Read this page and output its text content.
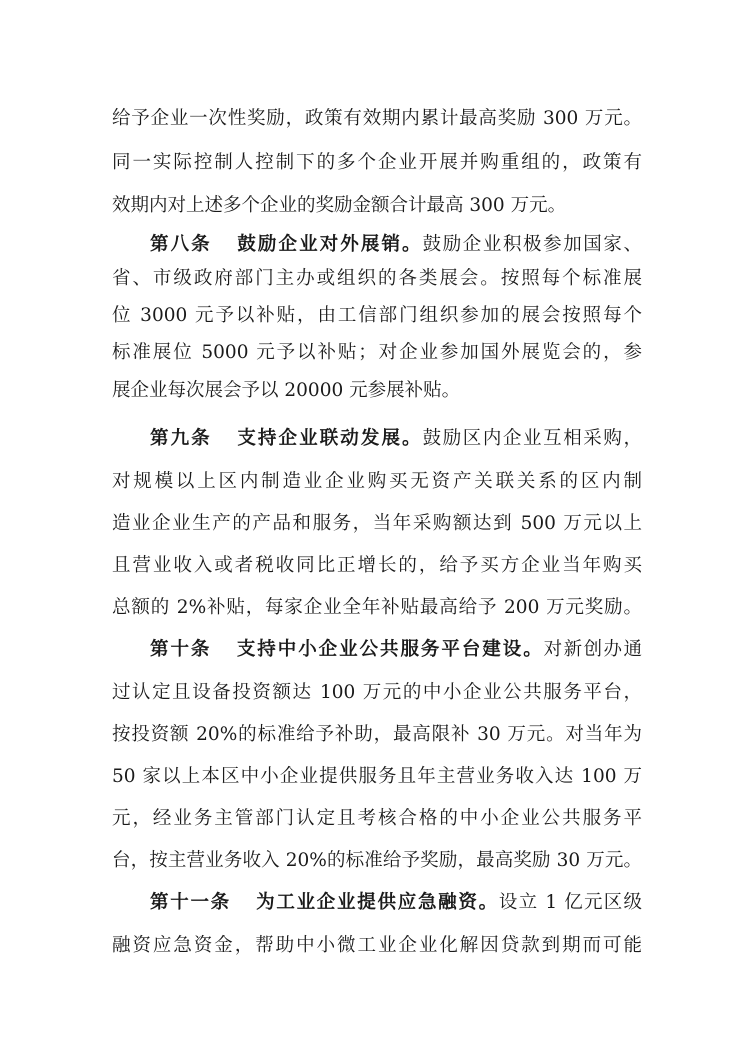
给予企业一次性奖励，政策有效期内累计最高奖励 300 万元。
同一实际控制人控制下的多个企业开展并购重组的，政策有
效期内对上述多个企业的奖励金额合计最高 300 万元。
第八条 鼓励企业对外展销。鼓励企业积极参加国家、
省、市级政府部门主办或组织的各类展会。按照每个标准展
位 3000 元予以补贴，由工信部门组织参加的展会按照每个
标准展位 5000 元予以补贴；对企业参加国外展览会的，参
展企业每次展会予以 20000 元参展补贴。
第九条 支持企业联动发展。鼓励区内企业互相采购，
对规模以上区内制造业企业购买无资产关联关系的区内制
造业企业生产的产品和服务，当年采购额达到 500 万元以上
且营业收入或者税收同比正增长的，给予买方企业当年购买
总额的 2%补贴，每家企业全年补贴最高给予 200 万元奖励。
第十条 支持中小企业公共服务平台建设。对新创办通
过认定且设备投资额达 100 万元的中小企业公共服务平台，
按投资额 20%的标准给予补助，最高限补 30 万元。对当年为
50 家以上本区中小企业提供服务且年主营业务收入达 100 万
元，经业务主管部门认定且考核合格的中小企业公共服务平
台，按主营业务收入 20%的标准给予奖励，最高奖励 30 万元。
第十一条 为工业企业提供应急融资。设立 1 亿元区级
融资应急资金，帮助中小微工业企业化解因贷款到期而可能
